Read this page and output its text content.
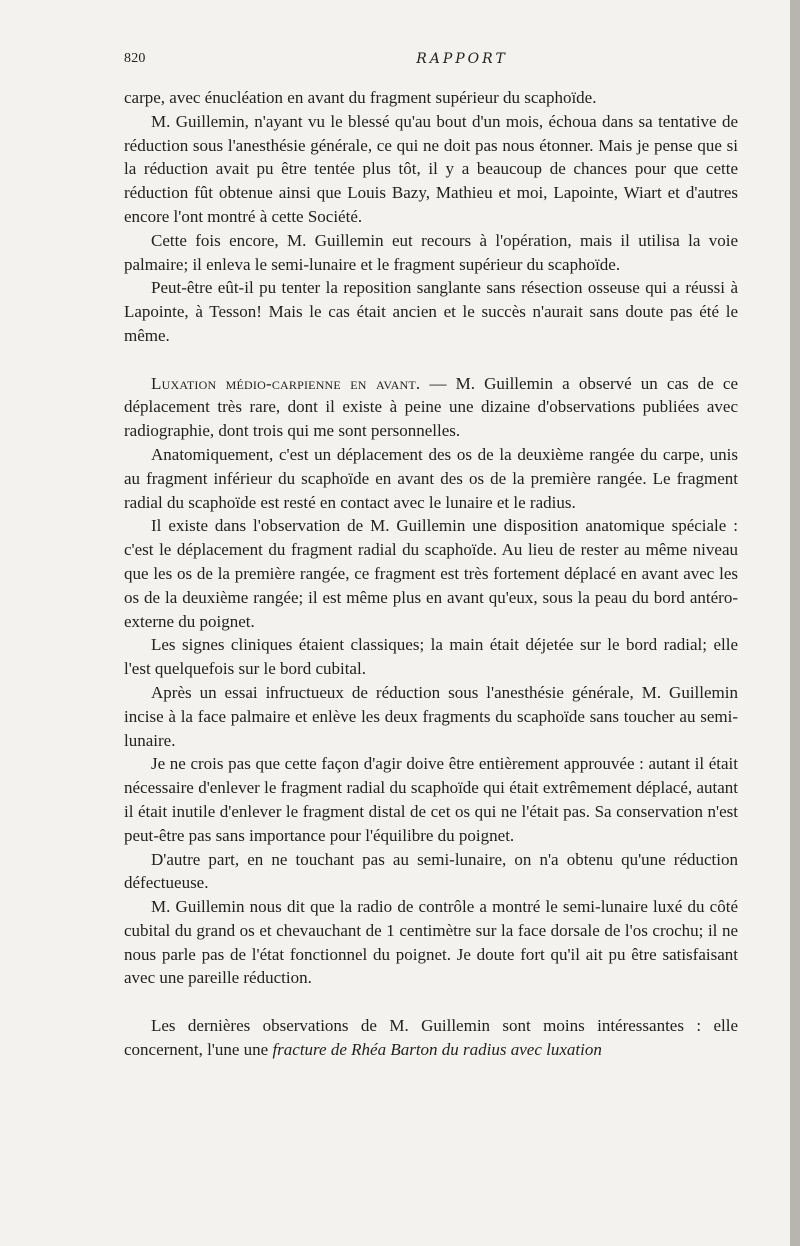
820	RAPPORT

carpe, avec énucléation en avant du fragment supérieur du scaphoïde.

M. Guillemin, n'ayant vu le blessé qu'au bout d'un mois, échoua dans sa tentative de réduction sous l'anesthésie générale, ce qui ne doit pas nous étonner. Mais je pense que si la réduction avait pu être tentée plus tôt, il y a beaucoup de chances pour que cette réduction fût obtenue ainsi que Louis Bazy, Mathieu et moi, Lapointe, Wiart et d'autres encore l'ont montré à cette Société.

Cette fois encore, M. Guillemin eut recours à l'opération, mais il utilisa la voie palmaire; il enleva le semi-lunaire et le fragment supérieur du scaphoïde.

Peut-être eût-il pu tenter la reposition sanglante sans résection osseuse qui a réussi à Lapointe, à Tesson! Mais le cas était ancien et le succès n'aurait sans doute pas été le même.

Luxation médio-carpienne en avant. — M. Guillemin a observé un cas de ce déplacement très rare, dont il existe à peine une dizaine d'observations publiées avec radiographie, dont trois qui me sont personnelles.

Anatomiquement, c'est un déplacement des os de la deuxième rangée du carpe, unis au fragment inférieur du scaphoïde en avant des os de la première rangée. Le fragment radial du scaphoïde est resté en contact avec le lunaire et le radius.

Il existe dans l'observation de M. Guillemin une disposition anatomique spéciale : c'est le déplacement du fragment radial du scaphoïde. Au lieu de rester au même niveau que les os de la première rangée, ce fragment est très fortement déplacé en avant avec les os de la deuxième rangée; il est même plus en avant qu'eux, sous la peau du bord antéro-externe du poignet.

Les signes cliniques étaient classiques; la main était déjetée sur le bord radial; elle l'est quelquefois sur le bord cubital.

Après un essai infructueux de réduction sous l'anesthésie générale, M. Guillemin incise à la face palmaire et enlève les deux fragments du scaphoïde sans toucher au semi-lunaire.

Je ne crois pas que cette façon d'agir doive être entièrement approuvée : autant il était nécessaire d'enlever le fragment radial du scaphoïde qui était extrêmement déplacé, autant il était inutile d'enlever le fragment distal de cet os qui ne l'était pas. Sa conservation n'est peut-être pas sans importance pour l'équilibre du poignet.

D'autre part, en ne touchant pas au semi-lunaire, on n'a obtenu qu'une réduction défectueuse.

M. Guillemin nous dit que la radio de contrôle a montré le semi-lunaire luxé du côté cubital du grand os et chevauchant de 1 centimètre sur la face dorsale de l'os crochu; il ne nous parle pas de l'état fonctionnel du poignet. Je doute fort qu'il ait pu être satisfaisant avec une pareille réduction.

Les dernières observations de M. Guillemin sont moins intéressantes : elle concernent, l'une une fracture de Rhéa Barton du radius avec luxation
